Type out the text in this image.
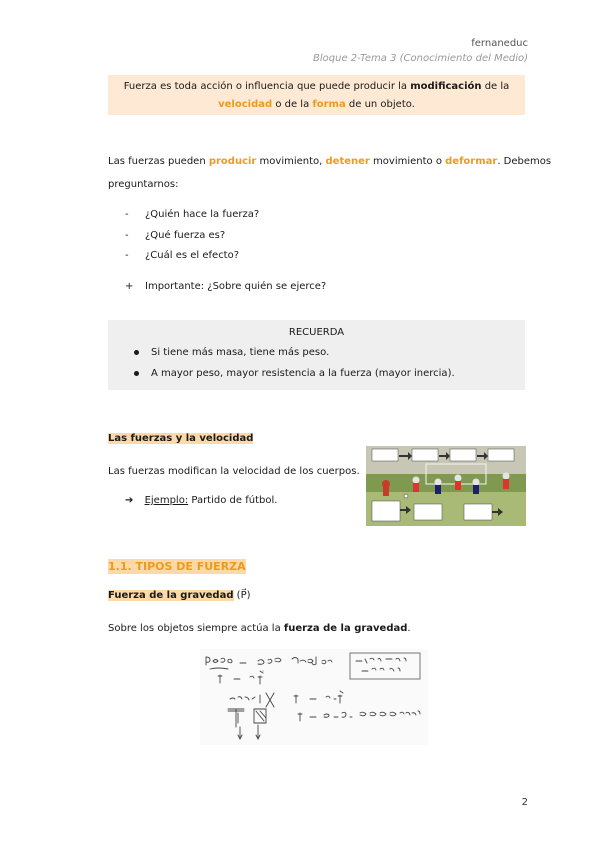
fernaneduc
Bloque 2-Tema 3 (Conocimiento del Medio)
Fuerza es toda acción o influencia que puede producir la modificación de la
velocidad o de la forma de un objeto.
Las fuerzas pueden producir movimiento, detener movimiento o deformar. Debemos
preguntarnos:
- ¿Quién hace la fuerza?
- ¿Qué fuerza es?
- ¿Cuál es el efecto?
+ Importante: ¿Sobre quién se ejerce?
RECUERDA
Si tiene más masa, tiene más peso.
A mayor peso, mayor resistencia a la fuerza (mayor inercia).
Las fuerzas y la velocidad
Las fuerzas modifican la velocidad de los cuerpos.
➔ Ejemplo: Partido de fútbol.
1.1. TIPOS DE FUERZA
Fuerza de la gravedad (P⃗)
Sobre los objetos siempre actúa la fuerza de la gravedad.
2
